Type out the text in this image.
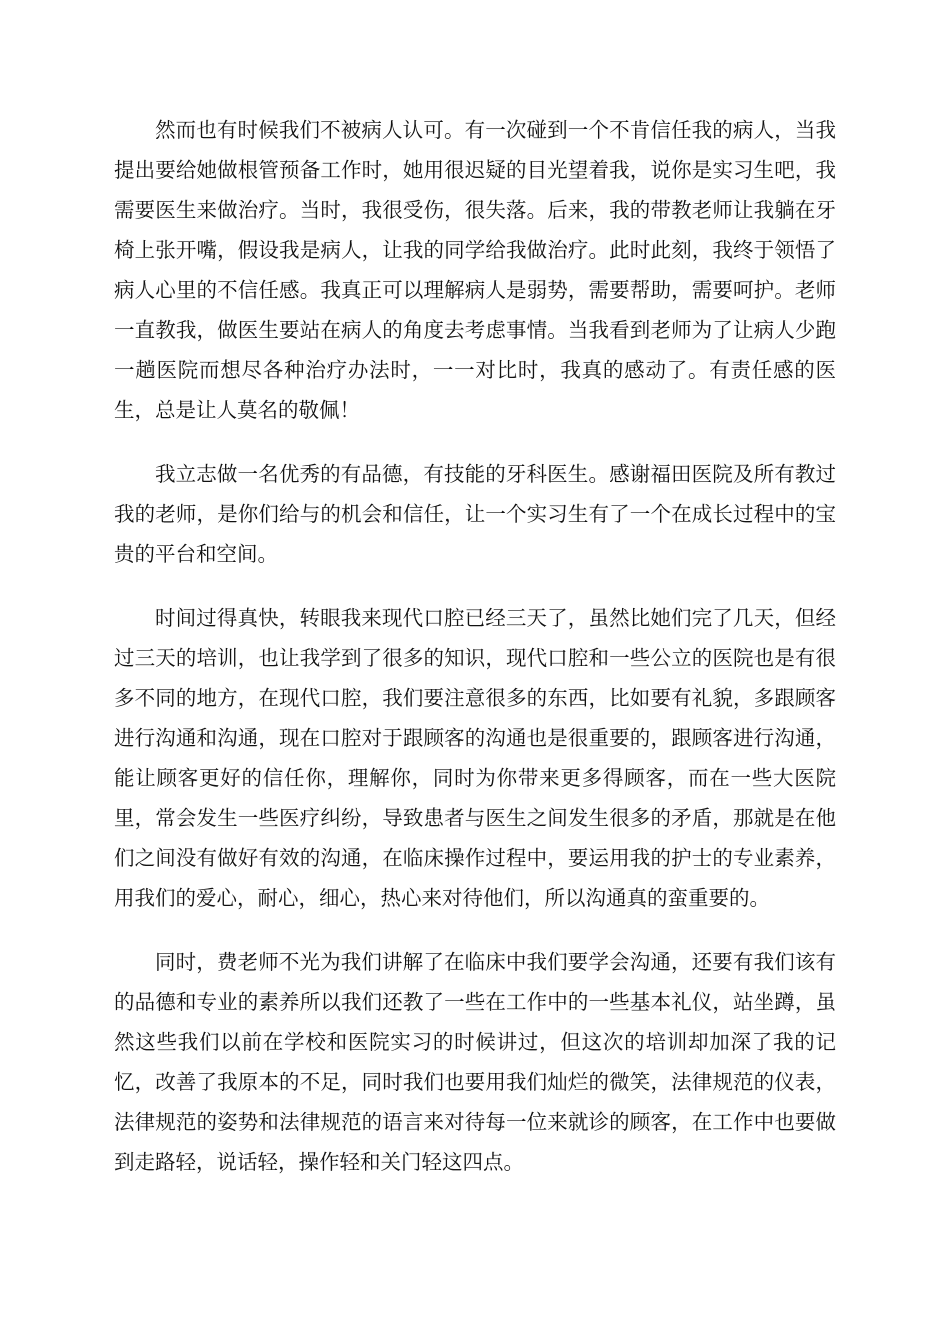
然而也有时候我们不被病人认可。有一次碰到一个不肯信任我的病人，当我提出要给她做根管预备工作时，她用很迟疑的目光望着我，说你是实习生吧，我需要医生来做治疗。当时，我很受伤，很失落。后来，我的带教老师让我躺在牙椅上张开嘴，假设我是病人，让我的同学给我做治疗。此时此刻，我终于领悟了病人心里的不信任感。我真正可以理解病人是弱势，需要帮助，需要呵护。老师一直教我，做医生要站在病人的角度去考虑事情。当我看到老师为了让病人少跑一趟医院而想尽各种治疗办法时，一一对比时，我真的感动了。有责任感的医生，总是让人莫名的敬佩！

我立志做一名优秀的有品德，有技能的牙科医生。感谢福田医院及所有教过我的老师，是你们给与的机会和信任，让一个实习生有了一个在成长过程中的宝贵的平台和空间。

时间过得真快，转眼我来现代口腔已经三天了，虽然比她们完了几天，但经过三天的培训，也让我学到了很多的知识，现代口腔和一些公立的医院也是有很多不同的地方，在现代口腔，我们要注意很多的东西，比如要有礼貌，多跟顾客进行沟通和沟通，现在口腔对于跟顾客的沟通也是很重要的，跟顾客进行沟通，能让顾客更好的信任你，理解你，同时为你带来更多得顾客，而在一些大医院里，常会发生一些医疗纠纷，导致患者与医生之间发生很多的矛盾，那就是在他们之间没有做好有效的沟通，在临床操作过程中，要运用我的护士的专业素养，用我们的爱心，耐心，细心，热心来对待他们，所以沟通真的蛮重要的。

同时，费老师不光为我们讲解了在临床中我们要学会沟通，还要有我们该有的品德和专业的素养所以我们还教了一些在工作中的一些基本礼仪，站坐蹲，虽然这些我们以前在学校和医院实习的时候讲过，但这次的培训却加深了我的记忆，改善了我原本的不足，同时我们也要用我们灿烂的微笑，法律规范的仪表，法律规范的姿势和法律规范的语言来对待每一位来就诊的顾客，在工作中也要做到走路轻，说话轻，操作轻和关门轻这四点。
